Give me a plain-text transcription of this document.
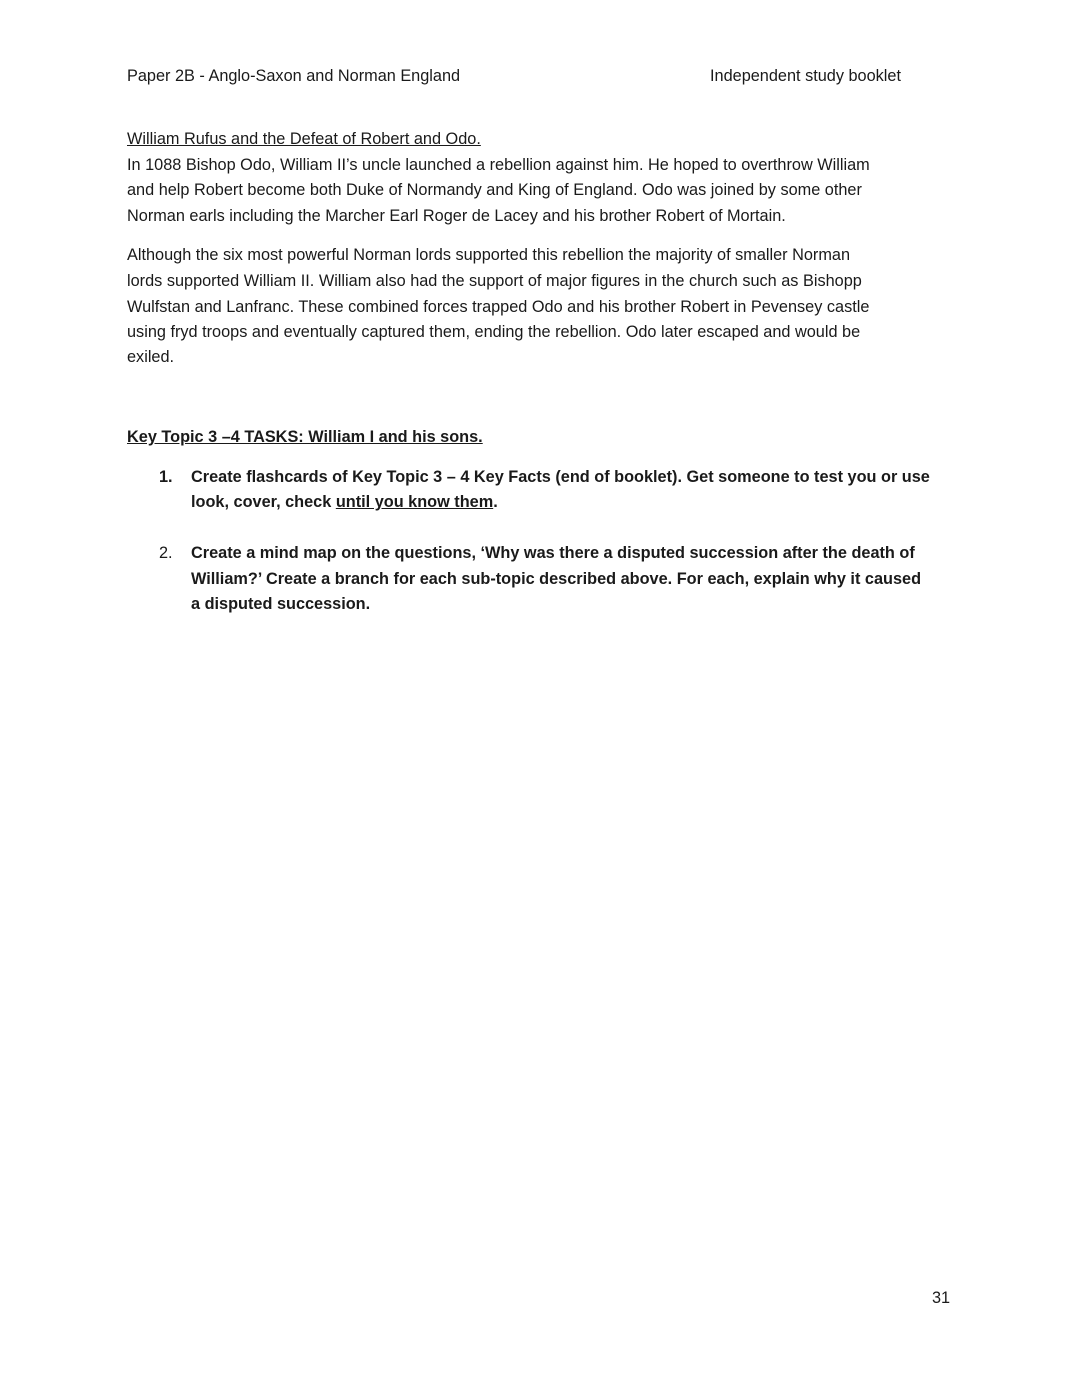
Paper 2B - Anglo-Saxon and Norman England	Independent study booklet
William Rufus and the Defeat of Robert and Odo.
In 1088 Bishop Odo, William II’s uncle launched a rebellion against him. He hoped to overthrow William
and help Robert become both Duke of Normandy and King of England. Odo was joined by some other
Norman earls including the Marcher Earl Roger de Lacey and his brother Robert of Mortain.
Although the six most powerful Norman lords supported this rebellion the majority of smaller Norman
lords supported William II. William also had the support of major figures in the church such as Bishopp
Wulfstan and Lanfranc. These combined forces trapped Odo and his brother Robert in Pevensey castle
using fryd troops and eventually captured them, ending the rebellion. Odo later escaped and would be
exiled.
Key Topic 3 –4 TASKS: William I and his sons.
1. Create flashcards of Key Topic 3 – 4 Key Facts (end of booklet). Get someone to test you or use
look, cover, check until you know them.
2. Create a mind map on the questions, ‘Why was there a disputed succession after the death of
William?’ Create a branch for each sub-topic described above. For each, explain why it caused
a disputed succession.
31
